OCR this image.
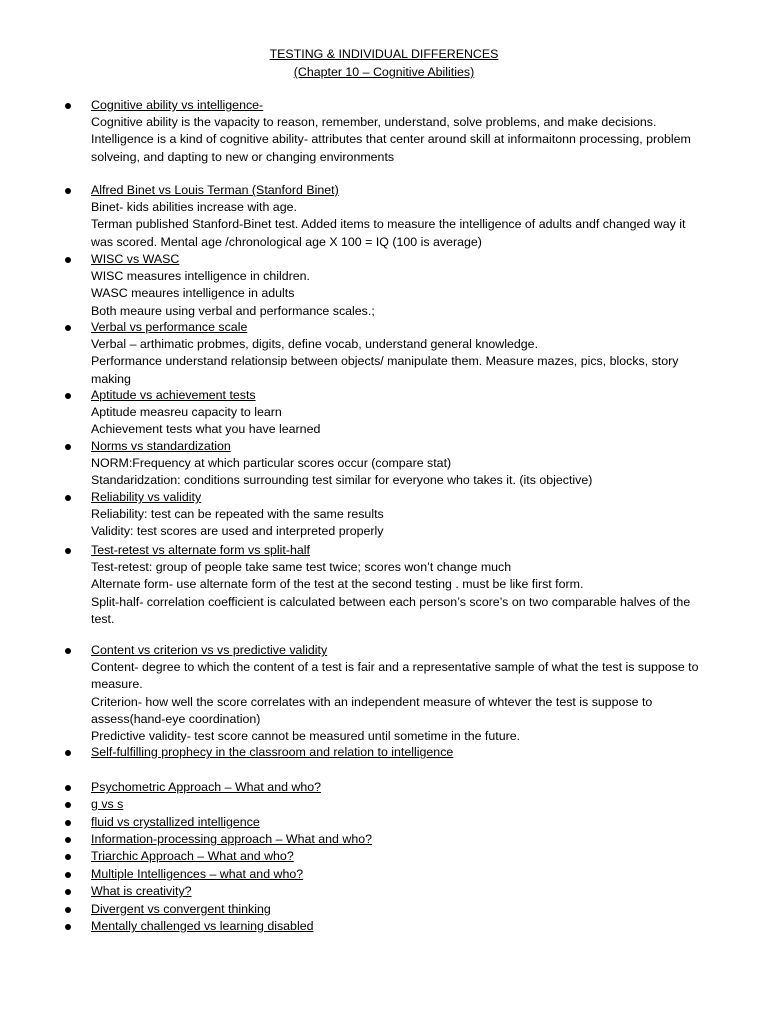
TESTING & INDIVIDUAL DIFFERENCES
(Chapter 10 – Cognitive Abilities)
Cognitive ability vs intelligence-
Cognitive ability is the vapacity to reason, remember, understand, solve problems, and make decisions.
Intelligence is a kind of cognitive ability- attributes that center around skill at informaitonn processing, problem
solveing, and dapting to new or changing environments
Alfred Binet vs Louis Terman (Stanford Binet)
Binet- kids abilities increase with age.
Terman published Stanford-Binet test. Added items to measure the intelligence of adults andf changed way it
was scored. Mental age /chronological age X 100 = IQ (100 is average)
WISC vs WASC
WISC measures intelligence in children.
WASC meaures intelligence in adults
Both meaure using verbal and performance scales.;
Verbal vs performance scale
Verbal – arthimatic probmes, digits, define vocab, understand general knowledge.
Performance understand relationsip between objects/ manipulate them. Measure mazes, pics, blocks, story
making
Aptitude vs achievement tests
Aptitude measreu capacity to learn
Achievement tests what you have learned
Norms vs standardization
NORM:Frequency at which particular scores occur (compare stat)
Standaridzation: conditions surrounding test similar for everyone who takes it. (its objective)
Reliability vs validity
Reliability: test can be repeated with the same results
Validity: test scores are used and interpreted properly
Test-retest vs alternate form vs split-half
Test-retest: group of people take same test twice; scores won’t change much
Alternate form- use alternate form of the test at the second testing . must be like first form.
Split-half- correlation coefficient is calculated between each person’s score’s on two comparable halves of the
test.
Content vs criterion vs vs predictive validity
Content- degree to which the content of a test is fair and a representative sample of what the test is suppose to
measure.
Criterion- how well the score correlates with an independent measure of whtever the test is suppose to
assess(hand-eye coordination)
Predictive validity- test score cannot be measured until sometime in the future.
Self-fulfilling prophecy in the classroom and relation to intelligence
Psychometric Approach – What and who?
g vs s
fluid vs crystallized intelligence
Information-processing approach – What and who?
Triarchic Approach – What and who?
Multiple Intelligences – what and who?
What is creativity?
Divergent vs convergent thinking
Mentally challenged vs learning disabled
